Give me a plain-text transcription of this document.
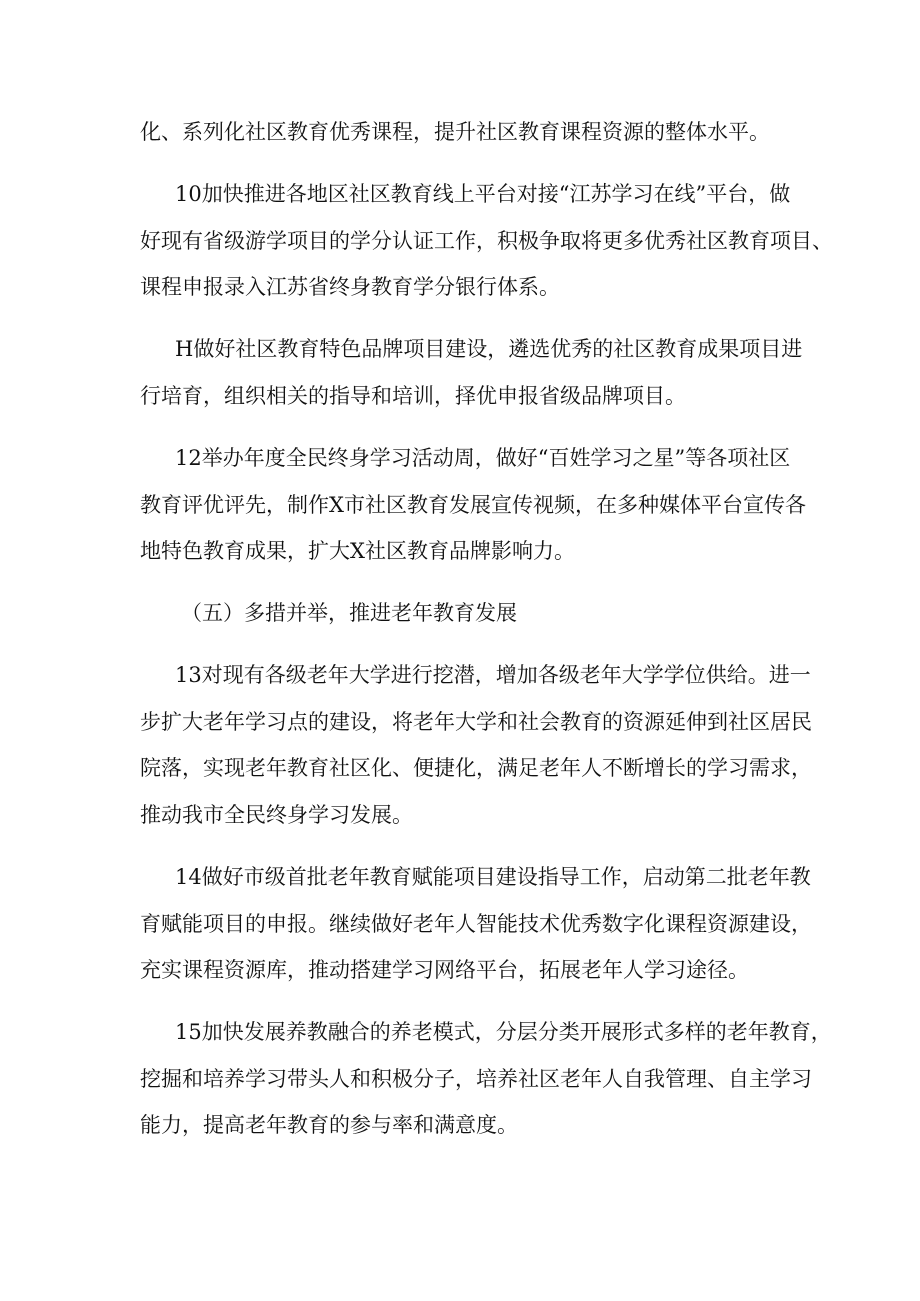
化、系列化社区教育优秀课程，提升社区教育课程资源的整体水平。
10加快推进各地区社区教育线上平台对接“江苏学习在线”平台，做
好现有省级游学项目的学分认证工作，积极争取将更多优秀社区教育项目、
课程申报录入江苏省终身教育学分银行体系。
H做好社区教育特色品牌项目建设，遴选优秀的社区教育成果项目进
行培育，组织相关的指导和培训，择优申报省级品牌项目。
12举办年度全民终身学习活动周，做好“百姓学习之星”等各项社区
教育评优评先，制作X市社区教育发展宣传视频，在多种媒体平台宣传各
地特色教育成果，扩大X社区教育品牌影响力。
（五）多措并举，推进老年教育发展
13对现有各级老年大学进行挖潜，增加各级老年大学学位供给。进一
步扩大老年学习点的建设，将老年大学和社会教育的资源延伸到社区居民
院落，实现老年教育社区化、便捷化，满足老年人不断增长的学习需求，
推动我市全民终身学习发展。
14做好市级首批老年教育赋能项目建设指导工作，启动第二批老年教
育赋能项目的申报。继续做好老年人智能技术优秀数字化课程资源建设，
充实课程资源库，推动搭建学习网络平台，拓展老年人学习途径。
15加快发展养教融合的养老模式，分层分类开展形式多样的老年教育，
挖掘和培养学习带头人和积极分子，培养社区老年人自我管理、自主学习
能力，提高老年教育的参与率和满意度。
